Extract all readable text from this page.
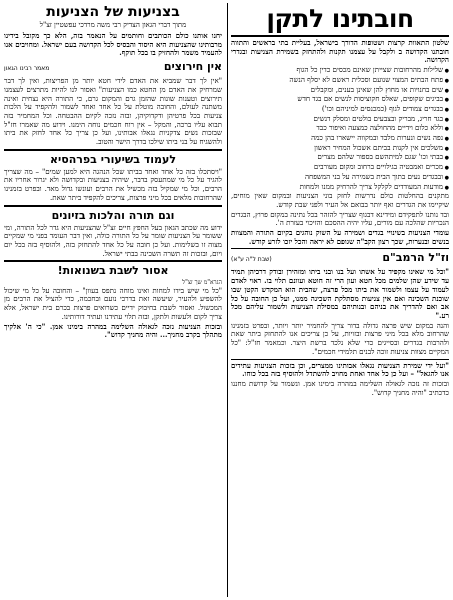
חובתינו לתקן

שלטון התאוות קרצות ושטופות הדורך בישראל, בעליית בתי בראשים והתווה חובתנו הקדושה ב ולקבל על עצמנו תקנות ולהתחזק בשמירת הצניעות ובגדרי הקדושה.

● שלילות מהרחובות שצייתן שאינם מכסים כדין כל הגוף

● פתח הבתים המצוי שנועם וסכלית ראשם לא יסלף הנשה

● שים בחנויות או מחוץ להן שאינן בענים, ומקבלים

● בביגים שקופים, שאלס חקוציסות לנשים אם בגד חדש

● בבגדים צמודים לגוף (כמכנסים למיניהם וכו')

● בגד חריג, מבריק ובצבעים בולטים ומסלק דנשים

● וללא כלום וידיים מהחולצה כמצעה ואיפור כבד

● נפה נשים ונערות מלבד ובמקווה יישארו בהן כמה

● משלכים אין לקנות בביתם אשכול המחיר ראשון

● בבתי וכו' שגם למיתהשם בספור שלהם מצרים

● מכרים ואמבטיה בגילויים ברחוב ומקום מעורבים

● ובבגדים נעים בתוך הבית בשמירה על בני המשפחה

● מודעות המעודדים לקלקל צריך להרחיק ממנו ולמחות

מתקנים בהחלטות כולם נדרשות לחזק בוני הצניעות ובמקום שאין מוחים, שיקיימו את הגדרים ואף יותר בבואם אל העיר ולפני שבת קודש.

ובד נותנו לתפקידם ומידינא דבגוף שצריך להזהר בכל נתינה במקום פרוץ, הבגדים הנכריות שהלכה עם מורים, עליו יהיה ההסכם והזיכוי בעזרת ה'.

עומדי הצניעות בשינויי בגדים ושמירה על השוק נוהגים בקיום התורה והמצוות בנשים ובנערות, שכך רצון הקב"ה שגופם לא יראה והכל יזכו לזרע קודש.

וז"ל הרמב"ם
(שבת ל"ה ע"א)

"וכל מי שאינו מקפיד על אשתו ועל בנו ובני ביתו ומזהירן ובודק דרכיהן תמיד עד שידע שהן שלמים מכל חטא ועון הרי זה חוטא ועוונם תלוי בו. ראוי לאדם לעמוד על עצמו ולשמור את ביתו מכל פרצה, שהבית הוא המקדש הקטן שבו שוכנת השכינה ואם אין צניעות מסתלקת השכינה ממנו, ועל כן החובה על כל אב ואם להדריך את בניהם ובנותיהם במסילת הצניעות ולשמור עליהם מכל רע."

והנה במקום שיש פרצה גדולה בדור צריך להחמיר יותר ויותר, ובפרט בזמנינו שהרחוב מלא בכל מיני פרצות ובזויות, על כן צריכים אנו להתחזק ביתר שאת ולהרבות בגדרים ובסייגים כדי שלא נלכד ברשת היצר. וכמאמר חז"ל: "כל המקיים מצוות צניעות זוכה לבנים תלמידי חכמים".

"ועל ידי שמירת הצניעות נגאלו אבותינו ממצרים, וכן בזכות הצניעות עתידים אנו להגאל" – ועל כן כל אחד ואחת מחויב להשתדל ולהוסיף בזה בכל כוחו.

ובזכות זה נזכה לגאולה השלימה במהרה בימינו אמן. ונשמור על קדושת מחננו כדכתיב "והיה מחניך קדוש".

בצניעות של הצניעות
מתוך דברי הגאון הצדיק רבי משה מרדכי עפשטיין זצ"ל

יחנו אותנו כולם הכותבים וחותמים על הנאמר בזה, הלא כך מקובל בידינו מרבותינו שהצניעות היא היסוד והבסיס לכל הקדושה בעם ישראל. ומחויבים אנו להעמיד משמר ולהחזיק בו בכל תוקף.

אין חירוצים
מאמר רבינו הגאון

"אין לך דבר שמביא את האדם לידי חטא יותר מן הפריצות, ואין לך דבר שמרחיק את האדם מן החטא כמו הצניעות" ואסור לנו להיות מתרצים לעצמנו תירוצים וטענות שונות שהזמן גרם והמקום גרם, כי התורה היא נצחית ואינה משתנה לעולם, והחובה מוטלת על כל אחד ואחד לשמור ולהקפיד על הלכות צניעות בכל פרטיהן ודקדוקיהן, ובזה נזכה לקיום ההבטחה. וכל המחמיר בזה תבוא עליו ברכה, והמקל – אין רוח חכמים נוחה הימנו. וידוע מה שאמרו חז"ל שבזכות נשים צדקניות נגאלו אבותינו, ועל כן צריך כל אחד לחזק את ביתו ולהשגיח על בני ביתו שילכו בדרך הישר והטוב.

לעמוד בשיעורי בפרהסיא

"ויסתכלו בזה כל אחד ואחד בביתו שכל הנהגה היא למען שמים" – מה שצריך להגיד על כל מי שמתעסק בדבר, שיהיה בצניעות ובקדושה ולא יגרור אחריו את הרבים, וכל מי שמקיל בזה מכשיל את הרבים ועונשו גדול מאד. ובפרט בזמנינו שהרחובות מלאים בכל מיני פרצות, צריכים להקפיד ביתר שאת.

וגם תורה והלכות בזיונים

ידוע מה שכתב הגאון בעל החפץ חיים זצ"ל שהצניעות היא גדר לכל התורה, ומי ששומר על הצניעות שומר על כל התורה כולה, ואין דבר העומד בפני מי שמקיים מצוה זו בשלימות. ועל כן חובה על כל אחד להתחזק בזה, ולהוסיף בזה בכל יום ויום, ובזכות זה תשרה השכינה בבתי ישראל.

אסור לשבת בשנואות!
הגרא"מ שך זצ"ל

"כל מי שיש בידו למחות ואינו מוחה נתפס בעוון" – והחובה על כל מי שיכול להשפיע ולהעיר, שיעשה זאת בדרכי נועם ובחכמה, כדי להציל את הרבים מן המכשול. ואסור לשבת בחיבוק ידיים כשרואים פרצות בכרם בית ישראל, אלא צריך לקום ולעשות ולתקן, ובזה תלוי עתידנו ועתיד דורותינו.

ובזכות הצניעות נזכה לגאולה השלימה במהרה בימינו אמן. "כי ה' אלקיך מתהלך בקרב מחניך... והיה מחניך קדוש".
